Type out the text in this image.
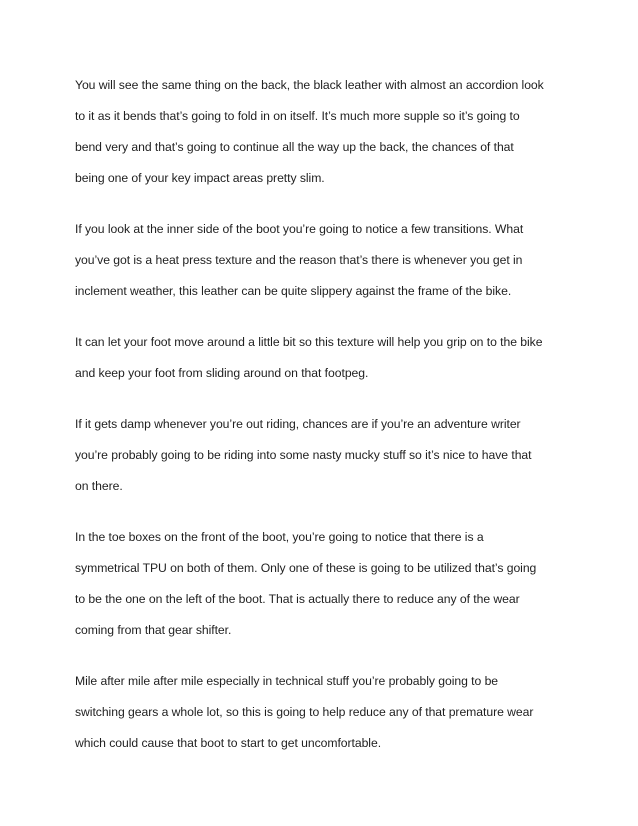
You will see the same thing on the back, the black leather with almost an accordion look
to it as it bends that’s going to fold in on itself. It’s much more supple so it’s going to
bend very and that’s going to continue all the way up the back, the chances of that
being one of your key impact areas pretty slim.
If you look at the inner side of the boot you’re going to notice a few transitions. What
you’ve got is a heat press texture and the reason that’s there is whenever you get in
inclement weather, this leather can be quite slippery against the frame of the bike.
It can let your foot move around a little bit so this texture will help you grip on to the bike
and keep your foot from sliding around on that footpeg.
If it gets damp whenever you’re out riding, chances are if you’re an adventure writer
you’re probably going to be riding into some nasty mucky stuff so it’s nice to have that
on there.
In the toe boxes on the front of the boot, you’re going to notice that there is a
symmetrical TPU on both of them. Only one of these is going to be utilized that’s going
to be the one on the left of the boot. That is actually there to reduce any of the wear
coming from that gear shifter.
Mile after mile after mile especially in technical stuff you’re probably going to be
switching gears a whole lot, so this is going to help reduce any of that premature wear
which could cause that boot to start to get uncomfortable.
